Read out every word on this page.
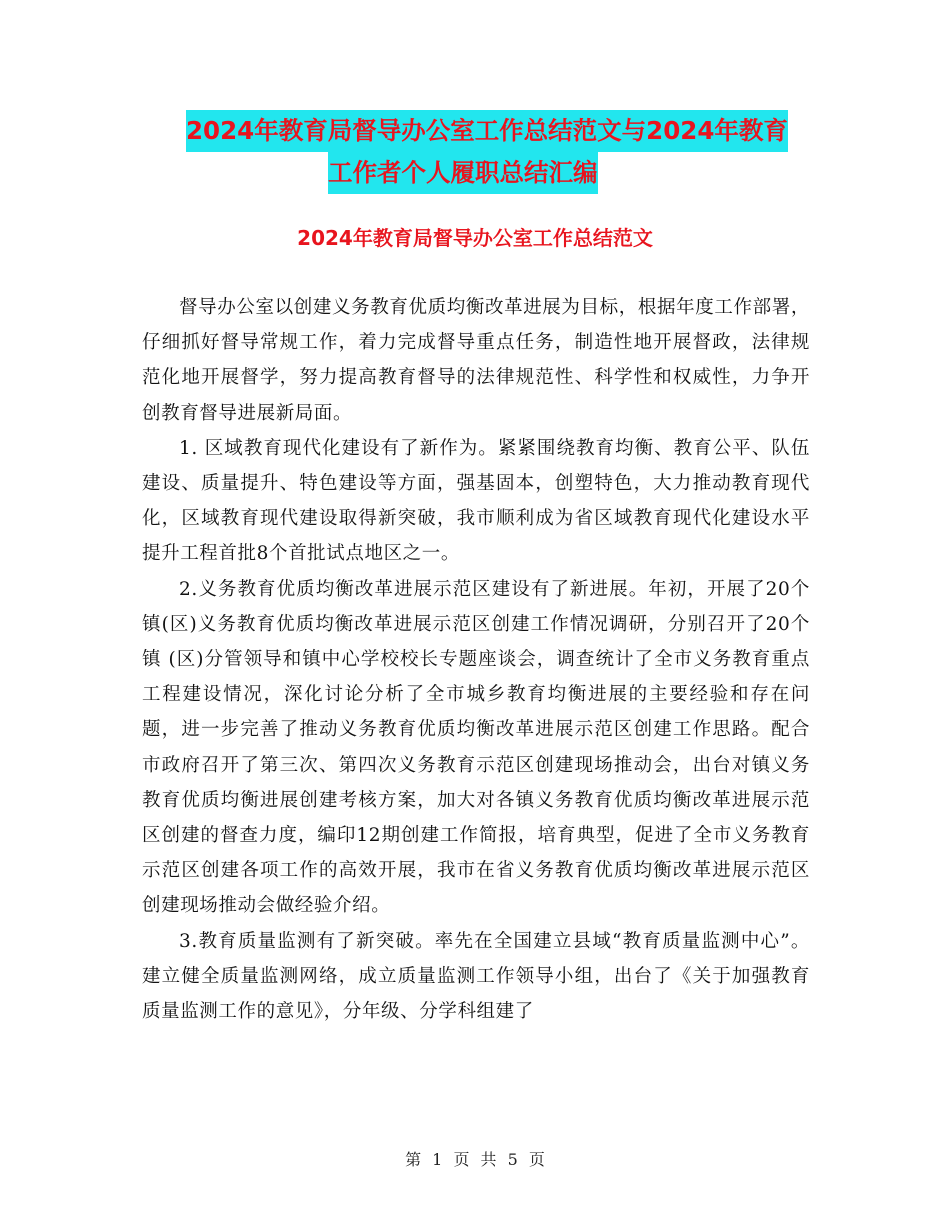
2024年教育局督导办公室工作总结范文与2024年教育
工作者个人履职总结汇编
2024年教育局督导办公室工作总结范文

督导办公室以创建义务教育优质均衡改革进展为目标，根据年度工作部署，仔细抓好督导常规工作，着力完成督导重点任务，制造性地开展督政，法律规范化地开展督学，努力提高教育督导的法律规范性、科学性和权威性，力争开创教育督导进展新局面。

1. 区域教育现代化建设有了新作为。紧紧围绕教育均衡、教育公平、队伍建设、质量提升、特色建设等方面，强基固本，创塑特色，大力推动教育现代化，区域教育现代建设取得新突破，我市顺利成为省区域教育现代化建设水平提升工程首批8个首批试点地区之一。

2.义务教育优质均衡改革进展示范区建设有了新进展。年初，开展了20个镇(区)义务教育优质均衡改革进展示范区创建工作情况调研，分别召开了20个镇 (区)分管领导和镇中心学校校长专题座谈会，调查统计了全市义务教育重点工程建设情况，深化讨论分析了全市城乡教育均衡进展的主要经验和存在问题，进一步完善了推动义务教育优质均衡改革进展示范区创建工作思路。配合市政府召开了第三次、第四次义务教育示范区创建现场推动会，出台对镇义务教育优质均衡进展创建考核方案，加大对各镇义务教育优质均衡改革进展示范区创建的督查力度，编印12期创建工作简报，培育典型，促进了全市义务教育示范区创建各项工作的高效开展，我市在省义务教育优质均衡改革进展示范区创建现场推动会做经验介绍。

3.教育质量监测有了新突破。率先在全国建立县域“教育质量监测中心”。建立健全质量监测网络，成立质量监测工作领导小组，出台了《关于加强教育质量监测工作的意见》，分年级、分学科组建了

第 1 页 共 5 页
